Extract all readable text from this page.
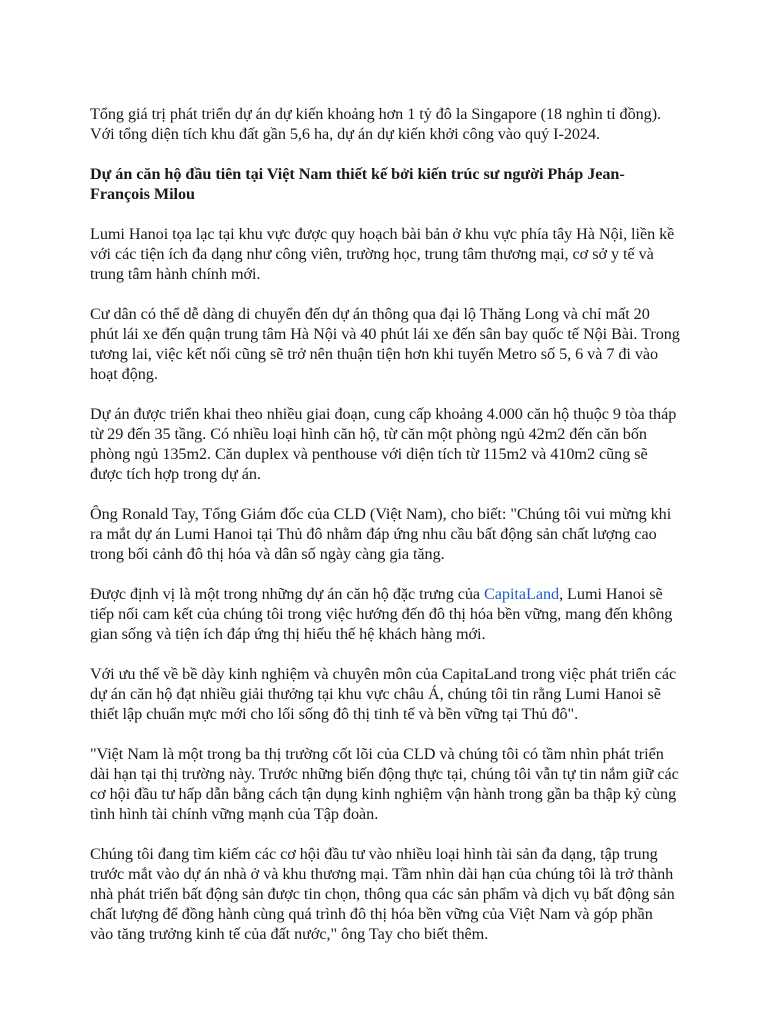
Tổng giá trị phát triển dự án dự kiến khoảng hơn 1 tỷ đô la Singapore (18 nghìn tỉ đồng). Với tổng diện tích khu đất gần 5,6 ha, dự án dự kiến khởi công vào quý I-2024.

Dự án căn hộ đầu tiên tại Việt Nam thiết kế bởi kiến trúc sư người Pháp Jean-François Milou

Lumi Hanoi tọa lạc tại khu vực được quy hoạch bài bản ở khu vực phía tây Hà Nội, liền kề với các tiện ích đa dạng như công viên, trường học, trung tâm thương mại, cơ sở y tế và trung tâm hành chính mới.

Cư dân có thể dễ dàng di chuyển đến dự án thông qua đại lộ Thăng Long và chỉ mất 20 phút lái xe đến quận trung tâm Hà Nội và 40 phút lái xe đến sân bay quốc tế Nội Bài. Trong tương lai, việc kết nối cũng sẽ trở nên thuận tiện hơn khi tuyến Metro số 5, 6 và 7 đi vào hoạt động.

Dự án được triển khai theo nhiều giai đoạn, cung cấp khoảng 4.000 căn hộ thuộc 9 tòa tháp từ 29 đến 35 tầng. Có nhiều loại hình căn hộ, từ căn một phòng ngủ 42m2 đến căn bốn phòng ngủ 135m2. Căn duplex và penthouse với diện tích từ 115m2 và 410m2 cũng sẽ được tích hợp trong dự án.

Ông Ronald Tay, Tổng Giám đốc của CLD (Việt Nam), cho biết: "Chúng tôi vui mừng khi ra mắt dự án Lumi Hanoi tại Thủ đô nhằm đáp ứng nhu cầu bất động sản chất lượng cao trong bối cảnh đô thị hóa và dân số ngày càng gia tăng.

Được định vị là một trong những dự án căn hộ đặc trưng của CapitaLand, Lumi Hanoi sẽ tiếp nối cam kết của chúng tôi trong việc hướng đến đô thị hóa bền vững, mang đến không gian sống và tiện ích đáp ứng thị hiếu thế hệ khách hàng mới.

Với ưu thế về bề dày kinh nghiệm và chuyên môn của CapitaLand trong việc phát triển các dự án căn hộ đạt nhiều giải thưởng tại khu vực châu Á, chúng tôi tin rằng Lumi Hanoi sẽ thiết lập chuẩn mực mới cho lối sống đô thị tinh tế và bền vững tại Thủ đô".

"Việt Nam là một trong ba thị trường cốt lõi của CLD và chúng tôi có tầm nhìn phát triển dài hạn tại thị trường này. Trước những biến động thực tại, chúng tôi vẫn tự tin nắm giữ các cơ hội đầu tư hấp dẫn bằng cách tận dụng kinh nghiệm vận hành trong gần ba thập kỷ cùng tình hình tài chính vững mạnh của Tập đoàn.

Chúng tôi đang tìm kiếm các cơ hội đầu tư vào nhiều loại hình tài sản đa dạng, tập trung trước mắt vào dự án nhà ở và khu thương mại. Tầm nhìn dài hạn của chúng tôi là trở thành nhà phát triển bất động sản được tin chọn, thông qua các sản phẩm và dịch vụ bất động sản chất lượng để đồng hành cùng quá trình đô thị hóa bền vững của Việt Nam và góp phần vào tăng trưởng kinh tế của đất nước," ông Tay cho biết thêm.
